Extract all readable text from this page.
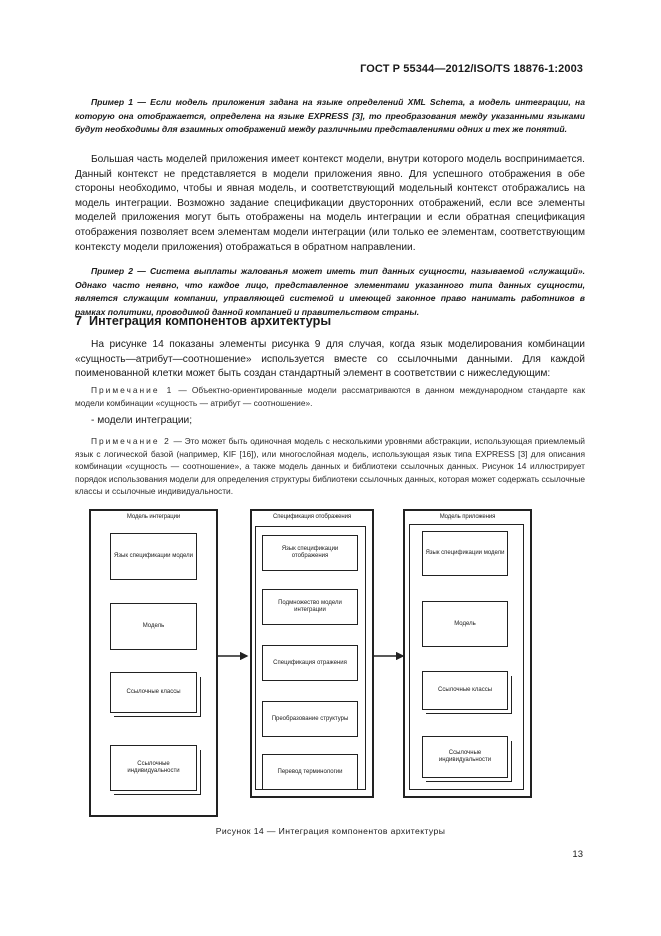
ГОСТ Р 55344—2012/ISO/TS 18876-1:2003
Пример 1 — Если модель приложения задана на языке определений XML Schema, а модель интеграции, на которую она отображается, определена на языке EXPRESS [3], то преобразования между указанными языками будут необходимы для взаимных отображений между различными представлениями одних и тех же понятий.
Большая часть моделей приложения имеет контекст модели, внутри которого модель воспринимается. Данный контекст не представляется в модели приложения явно. Для успешного отображения в обе стороны необходимо, чтобы и явная модель, и соответствующий модельный контекст отображались на модель интеграции. Возможно задание спецификации двусторонних отображений, если все элементы моделей приложения могут быть отображены на модель интеграции и если обратная спецификация отображения позволяет всем элементам модели интеграции (или только ее элементам, соответствующим контексту модели приложения) отображаться в обратном направлении.
Пример 2 — Система выплаты жалованья может иметь тип данных сущности, называемой «служащий». Однако часто неявно, что каждое лицо, представленное элементами указанного типа данных сущности, является служащим компании, управляющей системой и имеющей законное право нанимать работников в рамках политики, проводимой данной компанией и правительством страны.
7 Интеграция компонентов архитектуры
На рисунке 14 показаны элементы рисунка 9 для случая, когда язык моделирования комбинации «сущность—атрибут—соотношение» используется вместе со ссылочными данными. Для каждой поименованной клетки может быть создан стандартный элемент в соответствии с нижеследующим:
Примечание 1 — Объектно-ориентированные модели рассматриваются в данном международном стандарте как модели комбинации «сущность — атрибут — соотношение».
- модели интеграции;
Примечание 2 — Это может быть одиночная модель с несколькими уровнями абстракции, использующая приемлемый язык с логической базой (например, KIF [16]), или многослойная модель, использующая язык типа EXPRESS [3] для описания комбинации «сущность — соотношение», а также модель данных и библиотеки ссылочных данных. Рисунок 14 иллюстрирует порядок использования модели для определения структуры библиотеки ссылочных данных, которая может содержать ссылочные классы и ссылочные индивидуальности.
Модель интеграции
Язык спецификации модели
Модель
Ссылочные классы
Ссылочные индивидуальности
Спецификация отображения
Язык спецификации отображения
Подмножество модели интеграции
Спецификация отражения
Преобразование структуры
Перевод терминологии
Модель приложения
Язык спецификации модели
Модель
Ссылочные классы
Ссылочные индивидуальности
Рисунок 14 — Интеграция компонентов архитектуры
13
